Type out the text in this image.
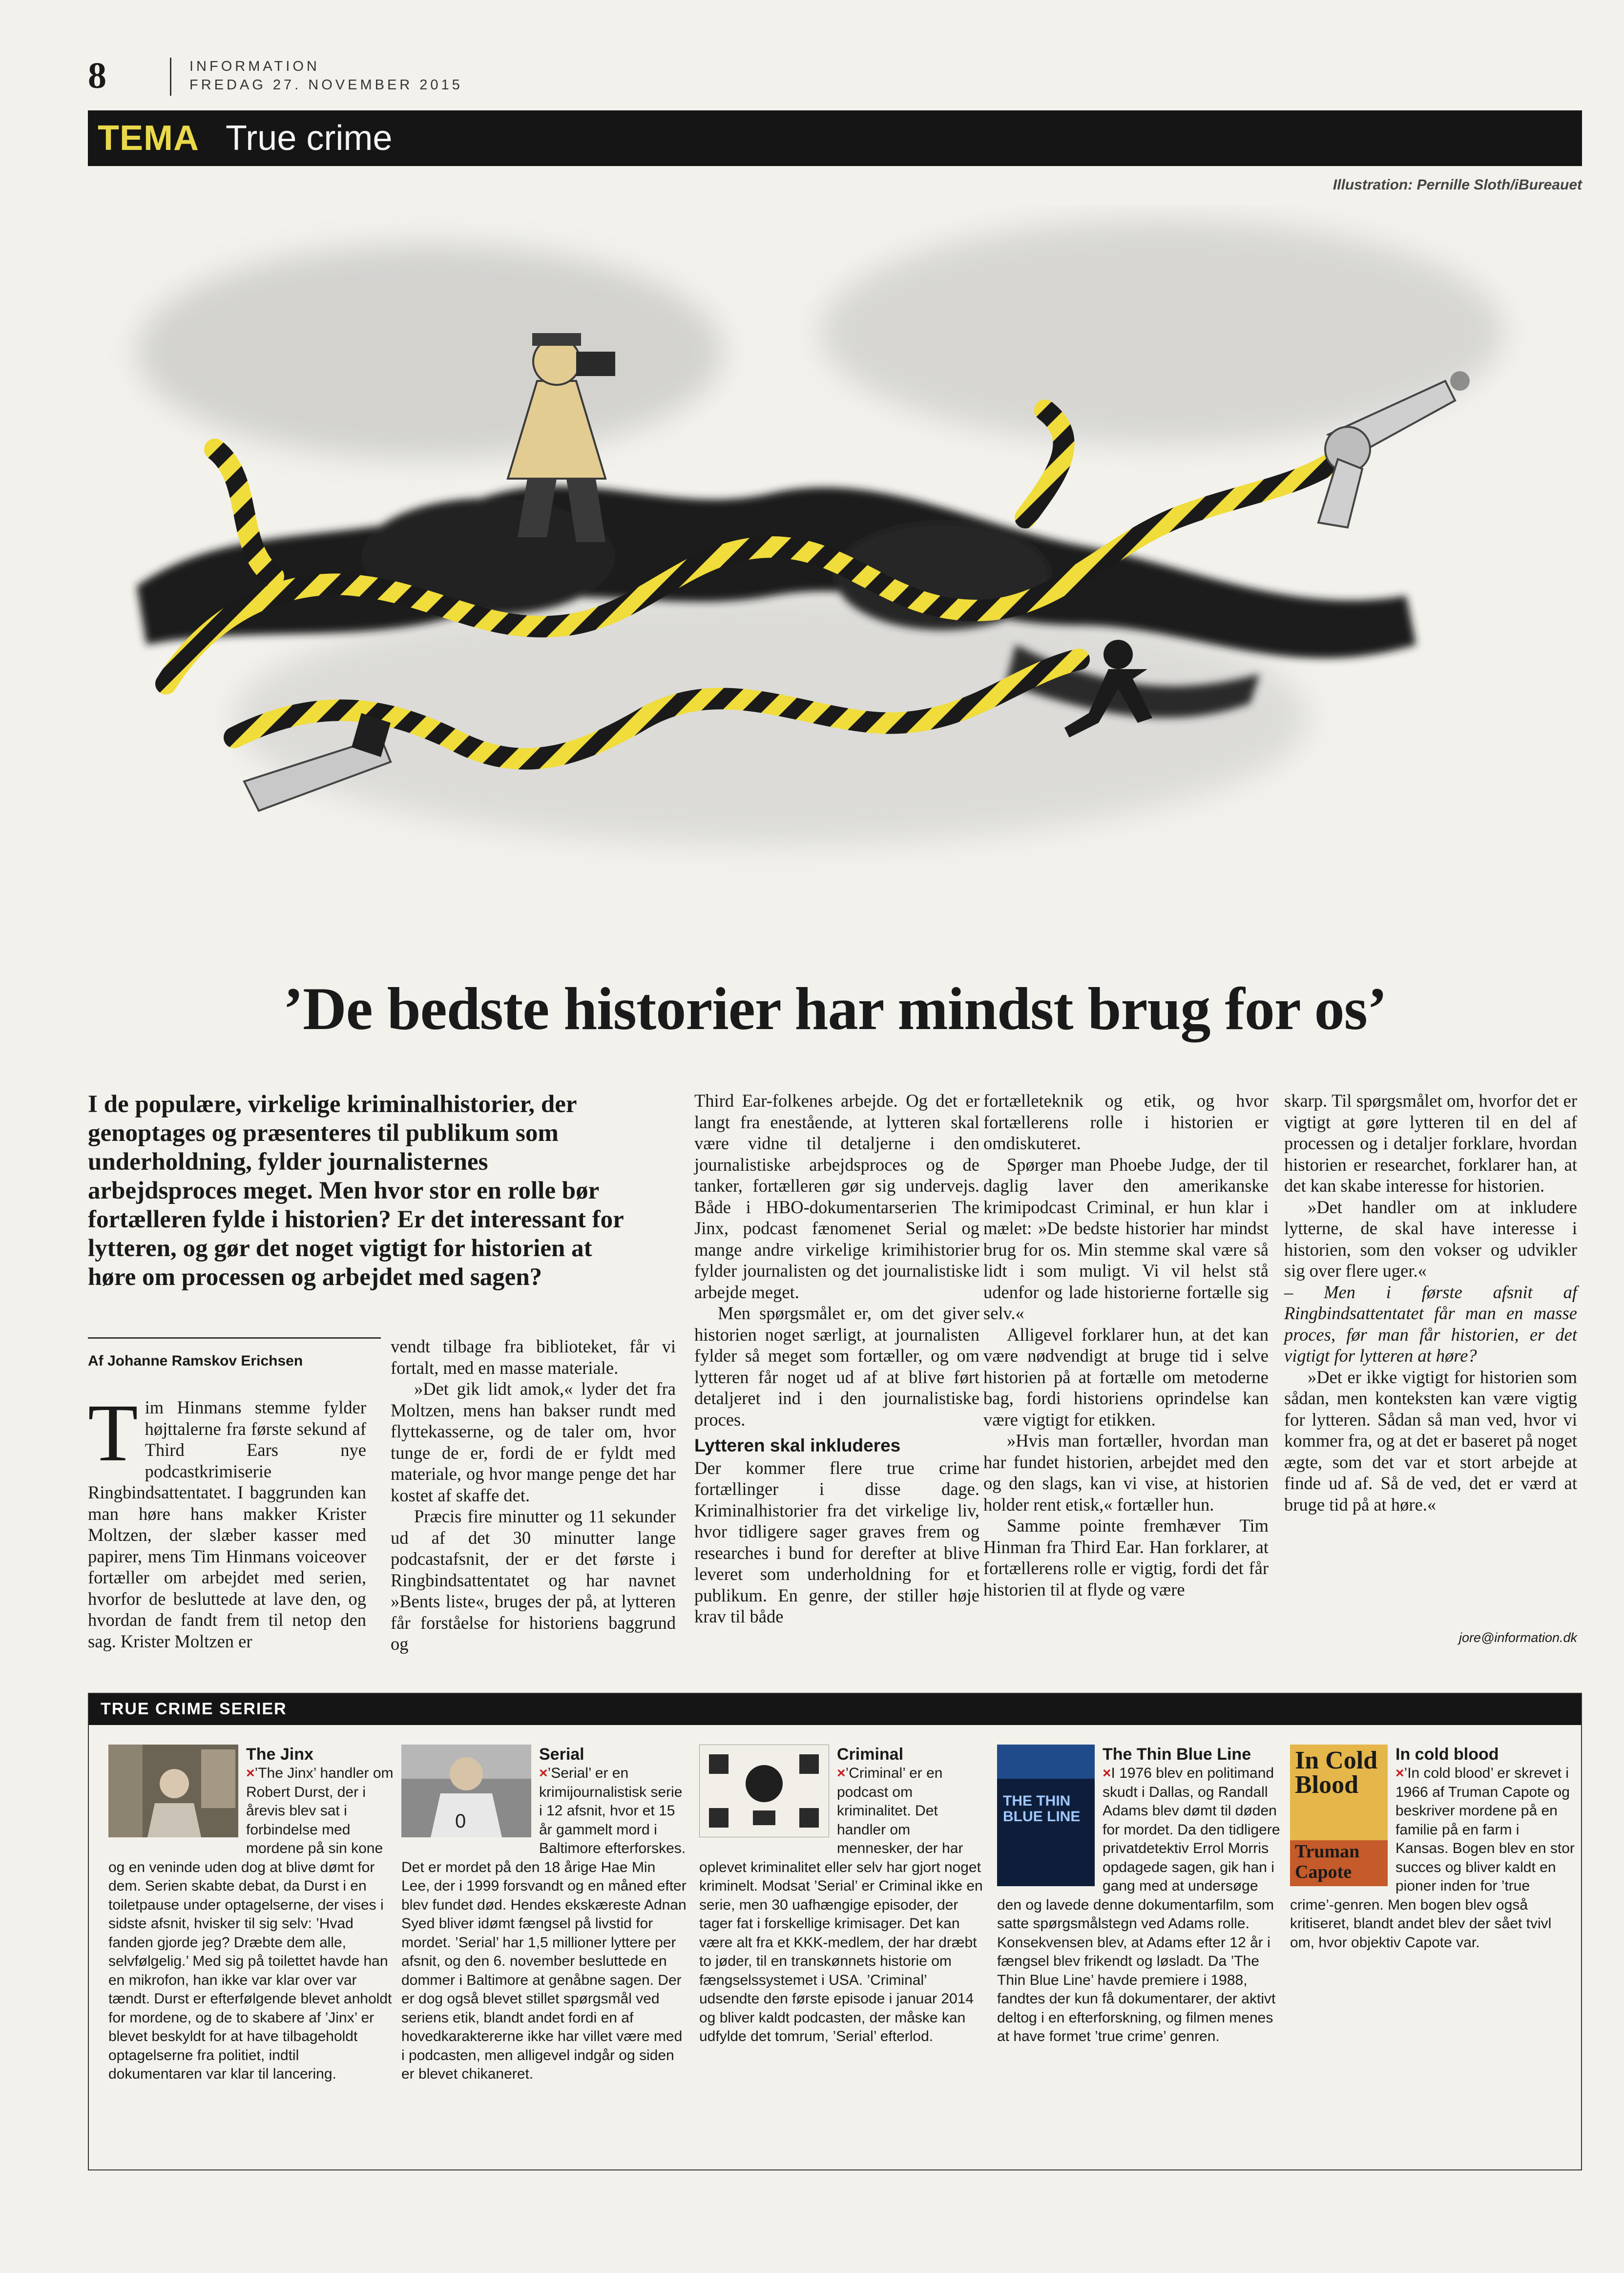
8	INFORMATION
FREDAG 27. NOVEMBER 2015
TEMA True crime
Illustration: Pernille Sloth/iBureauet
’De bedste historier har mindst brug for os’

I de populære, virkelige kriminalhistorier, der genoptages og præsenteres til publikum som underholdning, fylder journalisternes arbejdsproces meget. Men hvor stor en rolle bør fortælleren fylde i historien? Er det interessant for lytteren, og gør det noget vigtigt for historien at høre om processen og arbejdet med sagen?

Af Johanne Ramskov Erichsen

Tim Hinmans stemme fylder højttalerne fra første sekund af Third Ears nye podcastkrimiserie Ringbindsattentatet. I baggrunden kan man høre hans makker Krister Moltzen, der slæber kasser med papirer, mens Tim Hinmans voiceover fortæller om arbejdet med serien, hvorfor de besluttede at lave den, og hvordan de fandt frem til netop den sag. Krister Moltzen er

vendt tilbage fra biblioteket, får vi fortalt, med en masse materiale.

»Det gik lidt amok,« lyder det fra Moltzen, mens han bakser rundt med flyttekasserne, og de taler om, hvor tunge de er, fordi de er fyldt med materiale, og hvor mange penge det har kostet af skaffe det.

Præcis fire minutter og 11 sekunder ud af det 30 minutter lange podcastafsnit, der er det første i Ringbindsattentatet og har navnet »Bents liste«, bruges der på, at lytteren får forståelse for historiens baggrund og

Third Ear-folkenes arbejde. Og det er langt fra enestående, at lytteren skal være vidne til detaljerne i den journalistiske arbejdsproces og de tanker, fortælleren gør sig undervejs. Både i HBO-dokumentarserien The Jinx, podcast fænomenet Serial og mange andre virkelige krimihistorier fylder journalisten og det journalistiske arbejde meget.

Men spørgsmålet er, om det giver historien noget særligt, at journalisten fylder så meget som fortæller, og om lytteren får noget ud af at blive ført detaljeret ind i den journalistiske proces.

Lytteren skal inkluderes

Der kommer flere true crime fortællinger i disse dage. Kriminalhistorier fra det virkelige liv, hvor tidligere sager graves frem og researches i bund for derefter at blive leveret som underholdning for et publikum. En genre, der stiller høje krav til både

fortælleteknik og etik, og hvor fortællerens rolle i historien er omdiskuteret.

Spørger man Phoebe Judge, der til daglig laver den amerikanske krimipodcast Criminal, er hun klar i mælet: »De bedste historier har mindst brug for os. Min stemme skal være så lidt i som muligt. Vi vil helst stå udenfor og lade historierne fortælle sig selv.«

Alligevel forklarer hun, at det kan være nødvendigt at bruge tid i selve historien på at fortælle om metoderne bag, fordi historiens oprindelse kan være vigtigt for etikken.

»Hvis man fortæller, hvordan man har fundet historien, arbejdet med den og den slags, kan vi vise, at historien holder rent etisk,« fortæller hun.

Samme pointe fremhæver Tim Hinman fra Third Ear. Han forklarer, at fortællerens rolle er vigtig, fordi det får historien til at flyde og være

skarp. Til spørgsmålet om, hvorfor det er vigtigt at gøre lytteren til en del af processen og i detaljer forklare, hvordan historien er researchet, forklarer han, at det kan skabe interesse for historien.

»Det handler om at inkludere lytterne, de skal have interesse i historien, som den vokser og udvikler sig over flere uger.«

– Men i første afsnit af Ringbindsattentatet får man en masse proces, før man får historien, er det vigtigt for lytteren at høre?

»Det er ikke vigtigt for historien som sådan, men konteksten kan være vigtig for lytteren. Sådan så man ved, hvor vi kommer fra, og at det er baseret på noget ægte, som det var et stort arbejde at finde ud af. Så de ved, det er værd at bruge tid på at høre.«

jore@information.dk
TRUE CRIME SERIER
The Jinx

×’The Jinx’ handler om Robert Durst, der i årevis blev sat i forbindelse med mordene på sin kone og en veninde uden dog at blive dømt for dem. Serien skabte debat, da Durst i en toiletpause under optagelserne, der vises i sidste afsnit, hvisker til sig selv: ’Hvad fanden gjorde jeg? Dræbte dem alle, selvfølgelig.’ Med sig på toilettet havde han en mikrofon, han ikke var klar over var tændt. Durst er efterfølgende blevet anholdt for mordene, og de to skabere af ’Jinx’ er blevet beskyldt for at have tilbageholdt optagelserne fra politiet, indtil dokumentaren var klar til lancering.

0
Serial

×’Serial’ er en krimijournalistisk serie i 12 afsnit, hvor et 15 år gammelt mord i Baltimore efterforskes. Det er mordet på den 18 årige Hae Min Lee, der i 1999 forsvandt og en måned efter blev fundet død. Hendes ekskæreste Adnan Syed bliver idømt fængsel på livstid for mordet. ’Serial’ har 1,5 millioner lyttere per afsnit, og den 6. november besluttede en dommer i Baltimore at genåbne sagen. Der er dog også blevet stillet spørgsmål ved seriens etik, blandt andet fordi en af hovedkaraktererne ikke har villet være med i podcasten, men alligevel indgår og siden er blevet chikaneret.

Criminal

×’Criminal’ er en podcast om kriminalitet. Det handler om mennesker, der har oplevet kriminalitet eller selv har gjort noget kriminelt. Modsat ’Serial’ er Criminal ikke en serie, men 30 uafhængige episoder, der tager fat i forskellige krimisager. Det kan være alt fra et KKK-medlem, der har dræbt to jøder, til en transkønnets historie om fængselssystemet i USA. ’Criminal’ udsendte den første episode i januar 2014 og bliver kaldt podcasten, der måske kan udfylde det tomrum, ’Serial’ efterlod.

THE THIN BLUE LINE
The Thin Blue Line

×I 1976 blev en politimand skudt i Dallas, og Randall Adams blev dømt til døden for mordet. Da den tidligere privatdetektiv Errol Morris opdagede sagen, gik han i gang med at undersøge den og lavede denne dokumentarfilm, som satte spørgsmålstegn ved Adams rolle. Konsekvensen blev, at Adams efter 12 år i fængsel blev frikendt og løsladt. Da ’The Thin Blue Line’ havde premiere i 1988, fandtes der kun få dokumentarer, der aktivt deltog i en efterforskning, og filmen menes at have formet ’true crime’ genren.

In Cold Blood
Truman Capote
In cold blood

×’In cold blood’ er skrevet i 1966 af Truman Capote og beskriver mordene på en familie på en farm i Kansas. Bogen blev en stor succes og bliver kaldt en pioner inden for ’true crime’-genren. Men bogen blev også kritiseret, blandt andet blev der sået tvivl om, hvor objektiv Capote var.
